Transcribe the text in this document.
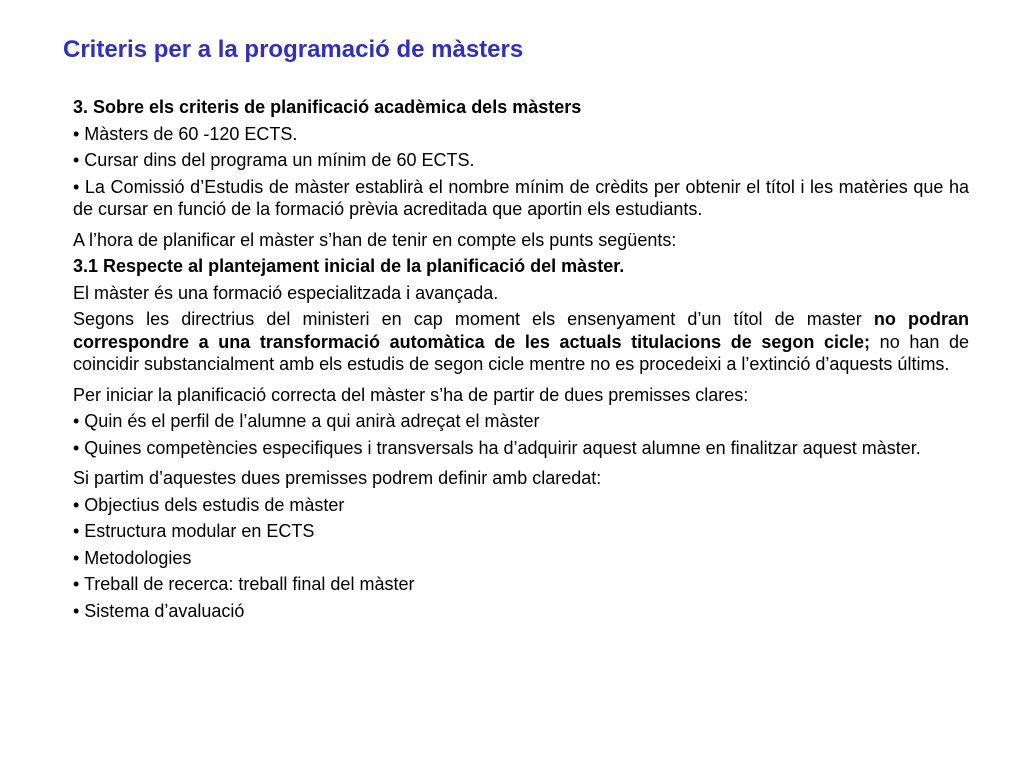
Criteris per a la programació de màsters

3. Sobre els criteris de planificació acadèmica dels màsters

• Màsters de 60 -120 ECTS.

• Cursar dins del programa un mínim de 60 ECTS.

• La Comissió d’Estudis de màster establirà el nombre mínim de crèdits per obtenir el títol i les matèries que ha de cursar en funció de la formació prèvia acreditada que aportin els estudiants.

A l’hora de planificar el màster s’han de tenir en compte els punts següents:

3.1 Respecte al plantejament inicial de la planificació del màster.

El màster és una formació especialitzada i avançada.

Segons les directrius del ministeri en cap moment els ensenyament d’un títol de master no podran correspondre a una transformació automàtica de les actuals titulacions de segon cicle; no han de coincidir substancialment amb els estudis de segon cicle mentre no es procedeixi a l’extinció d’aquests últims.

Per iniciar la planificació correcta del màster s’ha de partir de dues premisses clares:

• Quin és el perfil de l’alumne a qui anirà adreçat el màster

• Quines competències especifiques i transversals ha d’adquirir aquest alumne en finalitzar aquest màster.

Si partim d’aquestes dues premisses podrem definir amb claredat:

• Objectius dels estudis de màster

• Estructura modular en ECTS

• Metodologies

• Treball de recerca: treball final del màster

• Sistema d’avaluació
